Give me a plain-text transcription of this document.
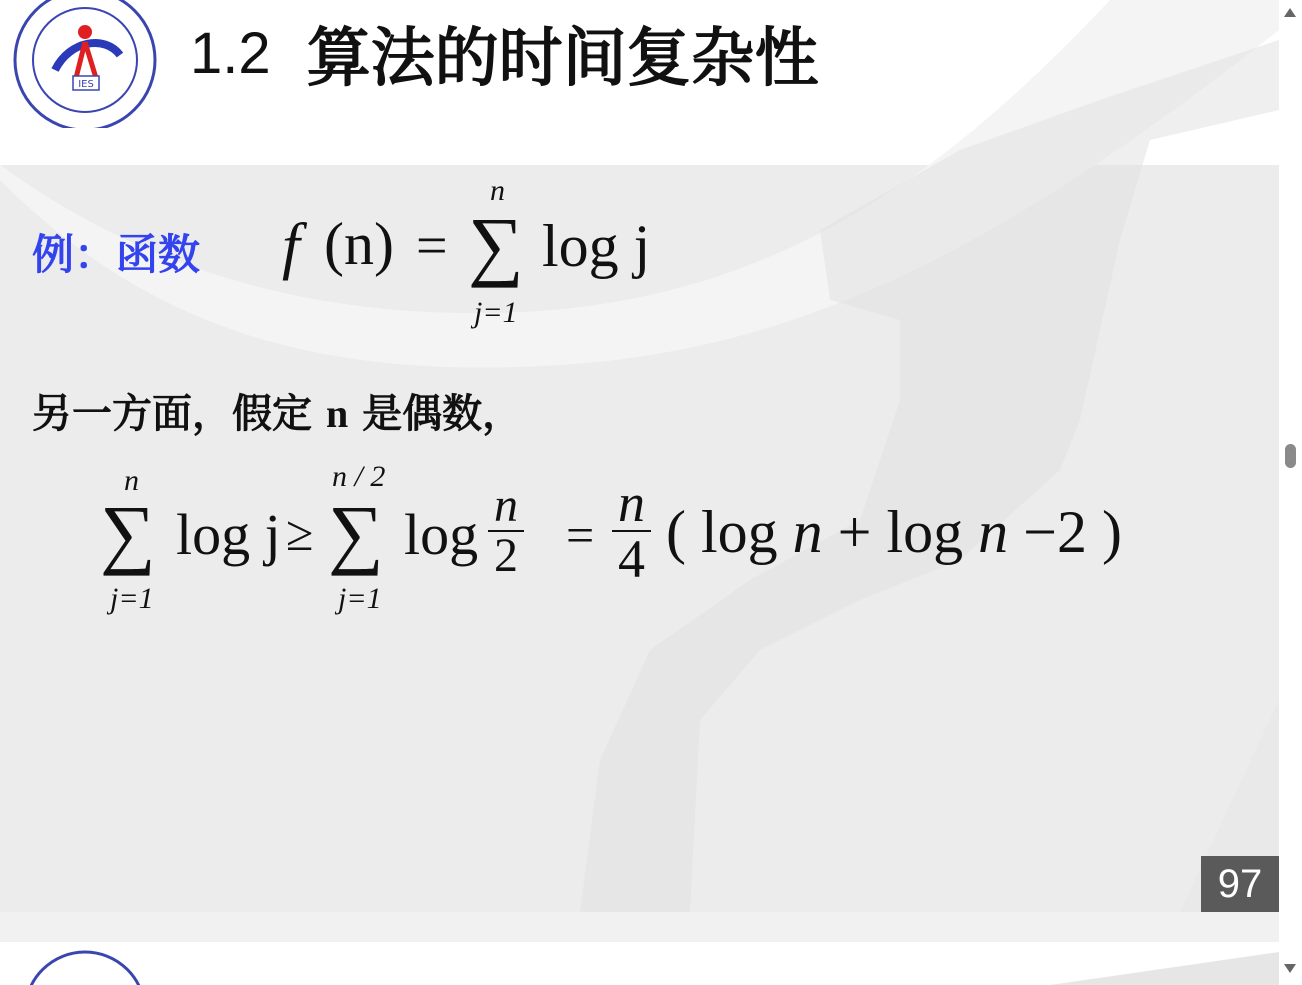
IES 1.2 算法的时间复杂性
例：函数 f (n) =
n
∑
j=1
log j
另一方面，假定 n 是偶数，
n
∑
j=1
log j ≥
n / 2
∑
j=1
$\log \frac{n}{2} = \frac{n}{4}$ ( log n + log n −2 )
97
